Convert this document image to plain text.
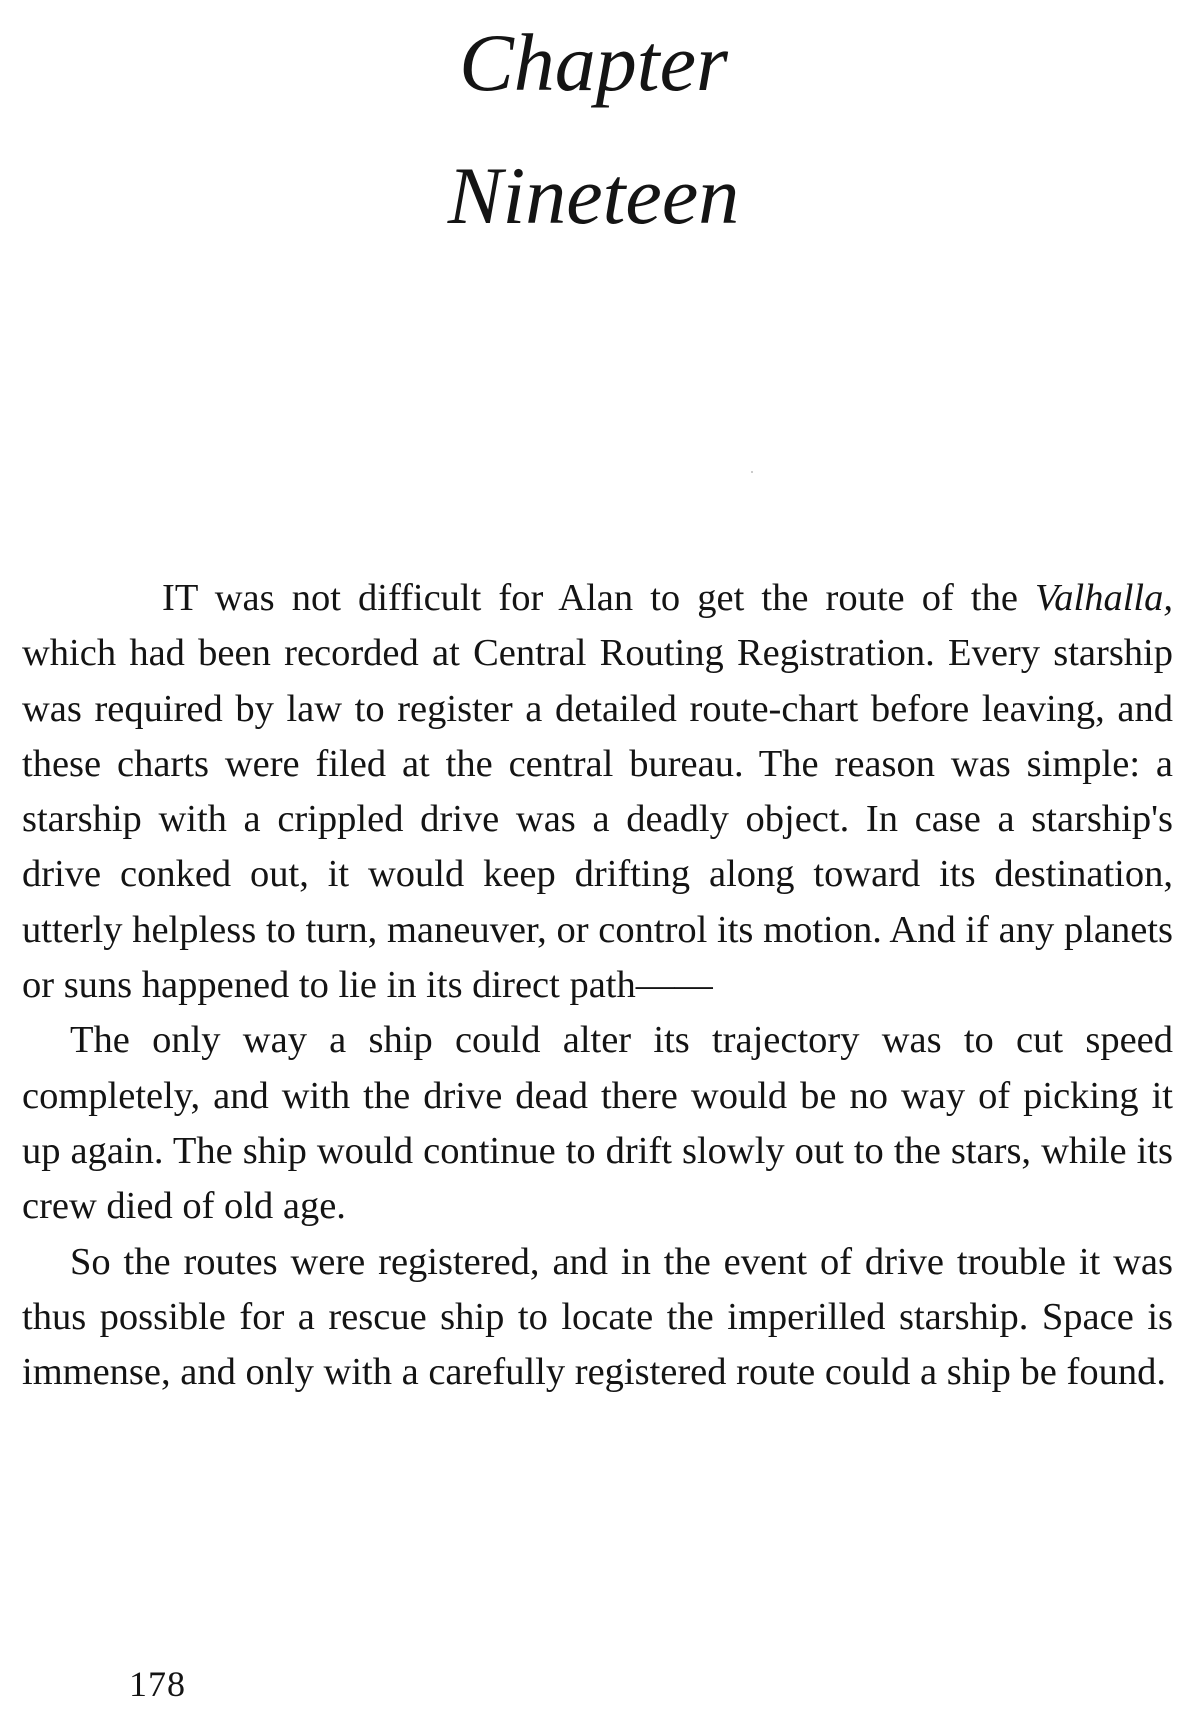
Chapter
Nineteen

IT was not difficult for Alan to get the route of the Valhalla, which had been recorded at Central Routing Registration. Every starship was required by law to register a detailed route-chart before leaving, and these charts were filed at the central bureau. The reason was simple: a starship with a crippled drive was a deadly object. In case a starship's drive conked out, it would keep drifting along toward its destination, utterly helpless to turn, maneuver, or control its motion. And if any planets or suns happened to lie in its direct path——

The only way a ship could alter its trajectory was to cut speed completely, and with the drive dead there would be no way of picking it up again. The ship would continue to drift slowly out to the stars, while its crew died of old age.

So the routes were registered, and in the event of drive trouble it was thus possible for a rescue ship to locate the imperilled starship. Space is immense, and only with a carefully registered route could a ship be found.

178
